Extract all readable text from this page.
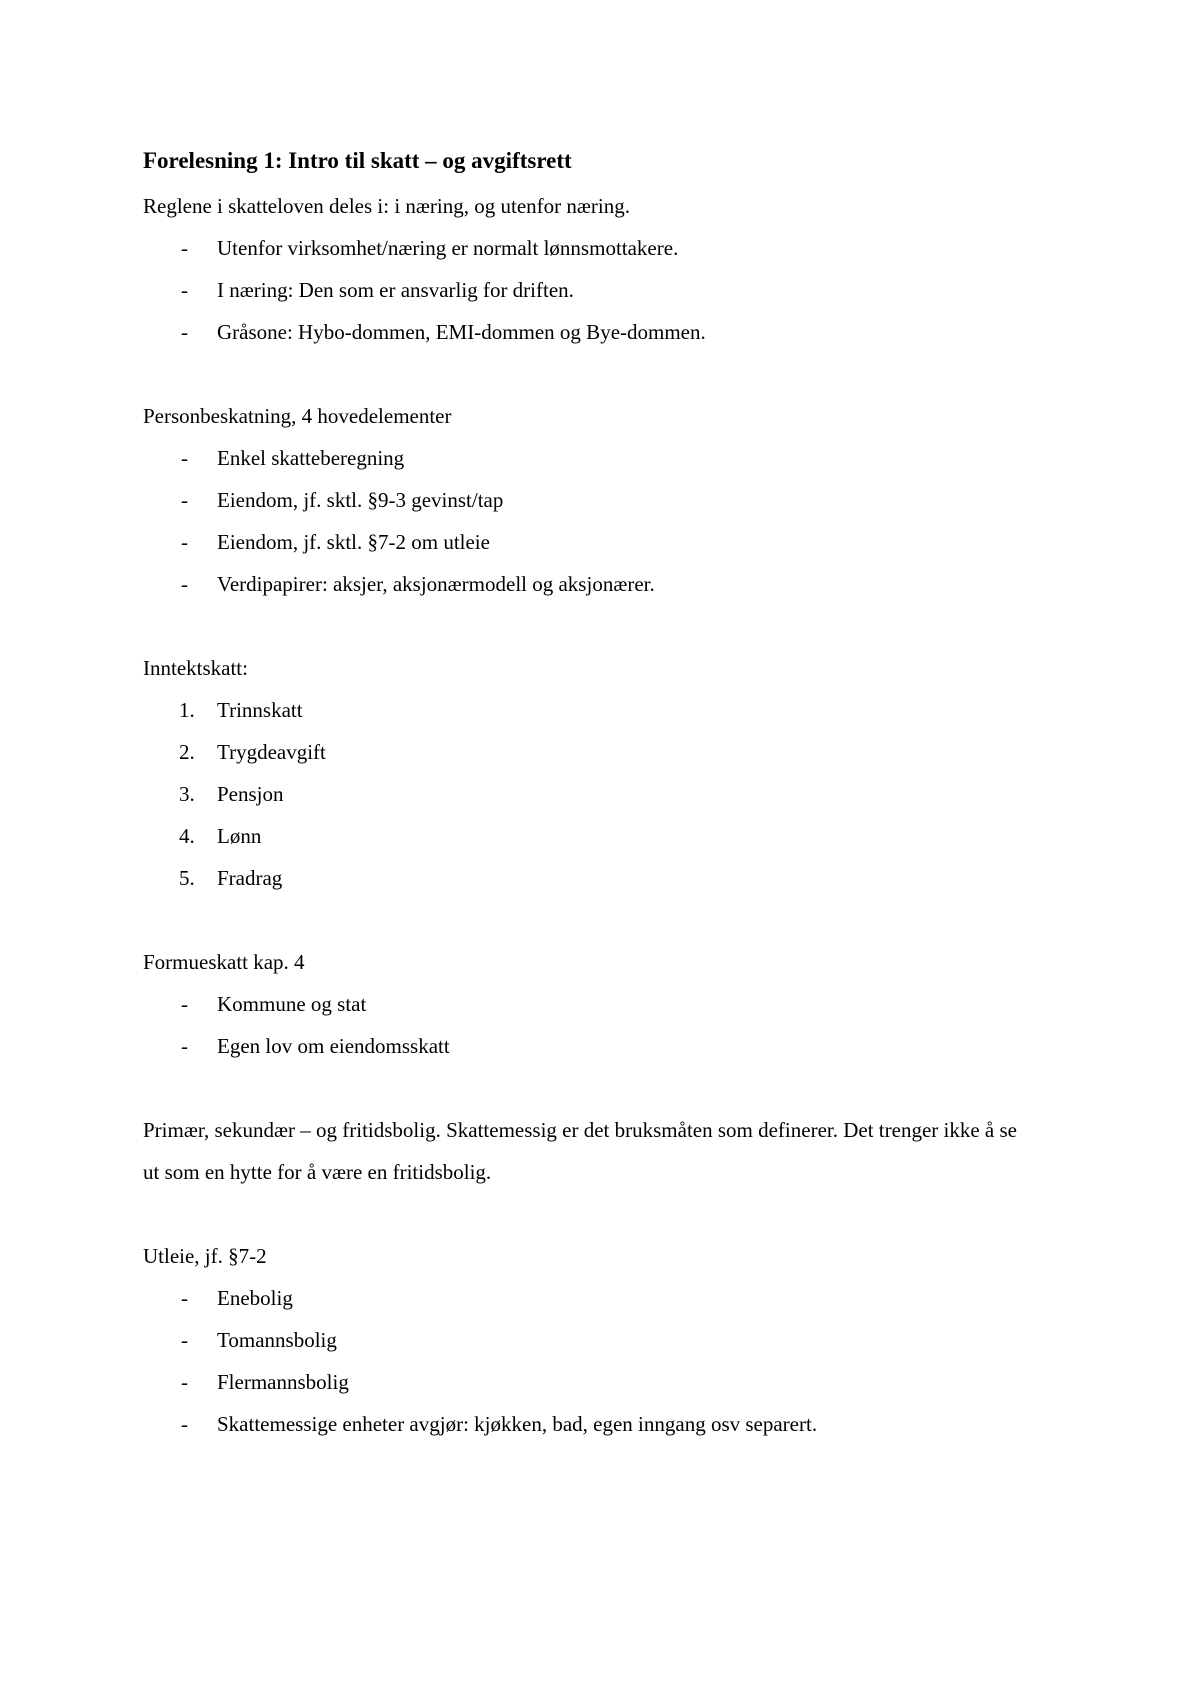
Forelesning 1: Intro til skatt – og avgiftsrett

Reglene i skatteloven deles i: i næring, og utenfor næring.

- Utenfor virksomhet/næring er normalt lønnsmottakere.
- I næring: Den som er ansvarlig for driften.
- Gråsone: Hybo-dommen, EMI-dommen og Bye-dommen.

Personbeskatning, 4 hovedelementer

- Enkel skatteberegning
- Eiendom, jf. sktl. §9-3 gevinst/tap
- Eiendom, jf. sktl. §7-2 om utleie
- Verdipapirer: aksjer, aksjonærmodell og aksjonærer.

Inntektskatt:

1. Trinnskatt
2. Trygdeavgift
3. Pensjon
4. Lønn
5. Fradrag

Formueskatt kap. 4

- Kommune og stat
- Egen lov om eiendomsskatt

Primær, sekundær – og fritidsbolig. Skattemessig er det bruksmåten som definerer. Det trenger ikke å se ut som en hytte for å være en fritidsbolig.

Utleie, jf. §7-2

- Enebolig
- Tomannsbolig
- Flermannsbolig
- Skattemessige enheter avgjør: kjøkken, bad, egen inngang osv separert.
